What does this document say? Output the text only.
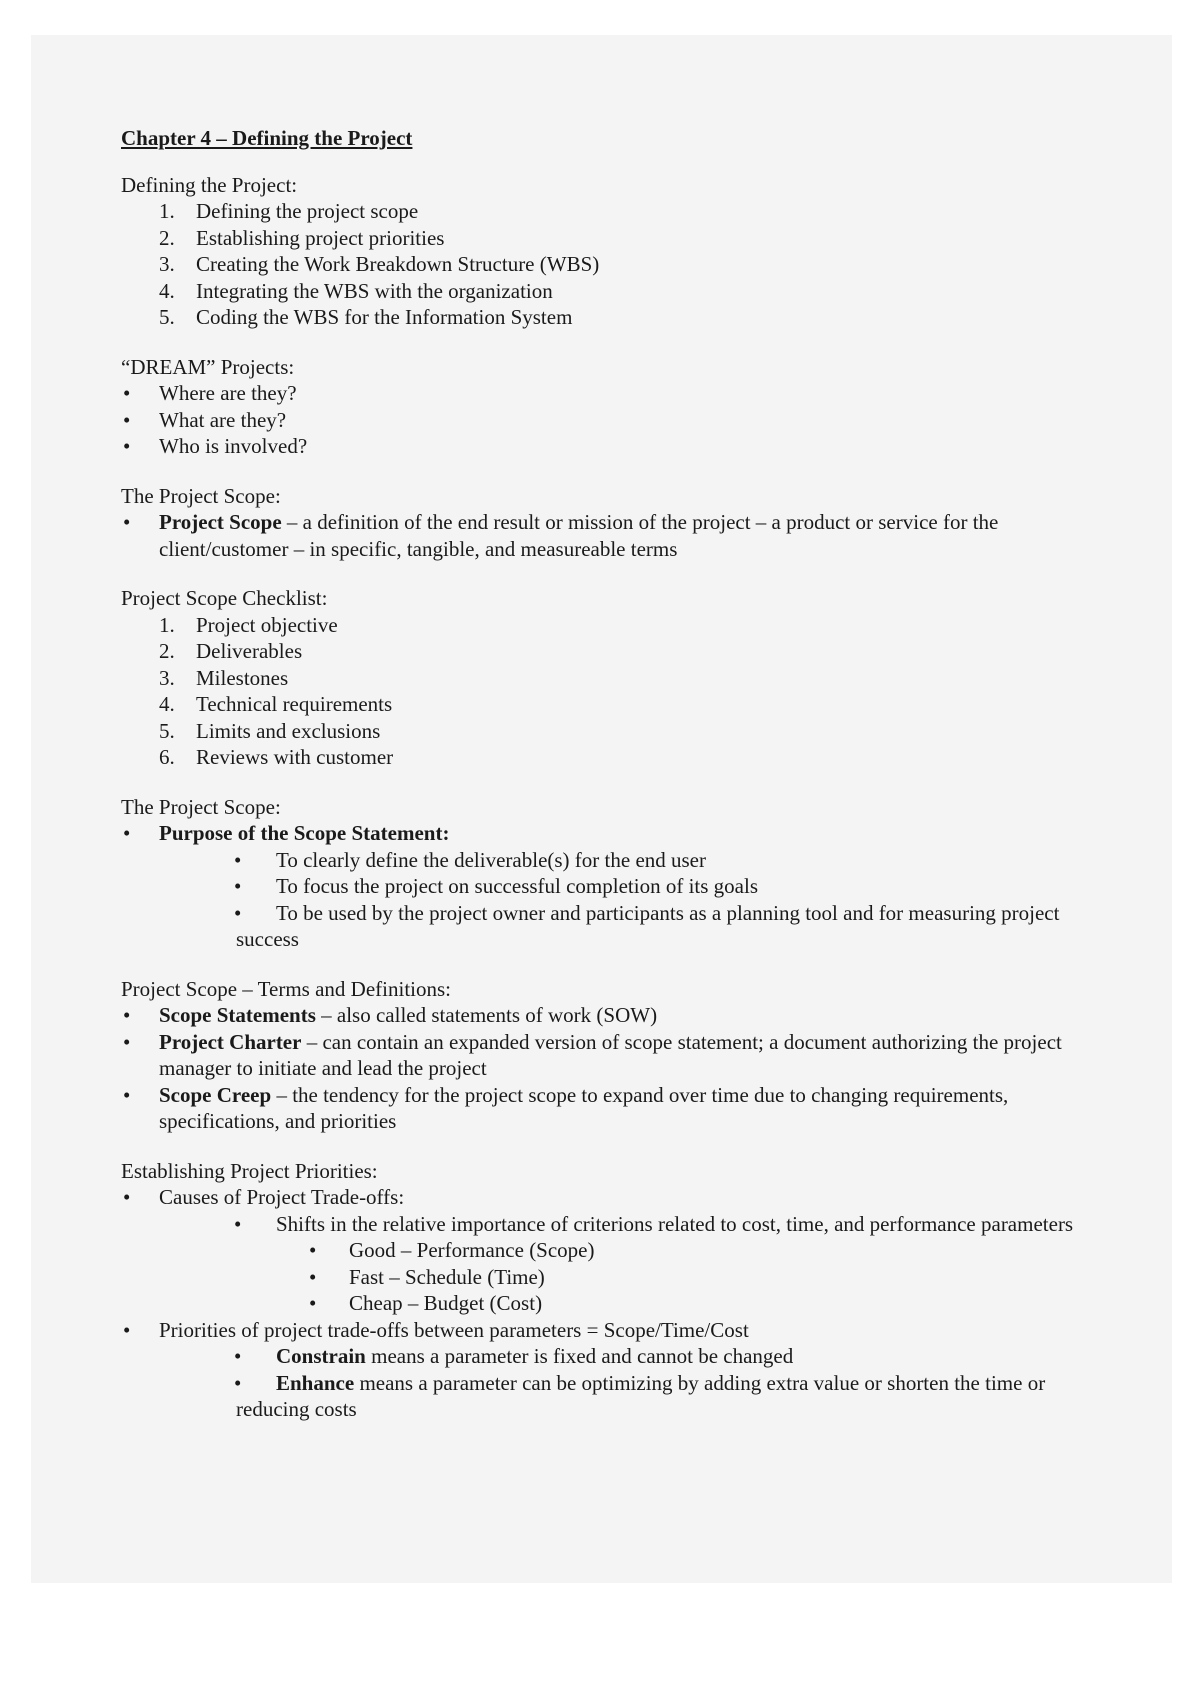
Chapter 4 – Defining the Project
Defining the Project:
1. Defining the project scope
2. Establishing project priorities
3. Creating the Work Breakdown Structure (WBS)
4. Integrating the WBS with the organization
5. Coding the WBS for the Information System
“DREAM” Projects:
• Where are they?
• What are they?
• Who is involved?
The Project Scope:
• Project Scope – a definition of the end result or mission of the project – a product or service for the client/customer – in specific, tangible, and measureable terms
Project Scope Checklist:
1. Project objective
2. Deliverables
3. Milestones
4. Technical requirements
5. Limits and exclusions
6. Reviews with customer
The Project Scope:
• Purpose of the Scope Statement:
•	To clearly define the deliverable(s) for the end user
•	To focus the project on successful completion of its goals
•	To be used by the project owner and participants as a planning tool and for measuring project success
Project Scope – Terms and Definitions:
• Scope Statements – also called statements of work (SOW)
• Project Charter – can contain an expanded version of scope statement; a document authorizing the project manager to initiate and lead the project
• Scope Creep – the tendency for the project scope to expand over time due to changing requirements, specifications, and priorities
Establishing Project Priorities:
• Causes of Project Trade-offs:
•	Shifts in the relative importance of criterions related to cost, time, and performance parameters
• Good – Performance (Scope)
• Fast – Schedule (Time)
• Cheap – Budget (Cost)
• Priorities of project trade-offs between parameters = Scope/Time/Cost
•	Constrain means a parameter is fixed and cannot be changed
•	Enhance means a parameter can be optimizing by adding extra value or shorten the time or reducing costs
